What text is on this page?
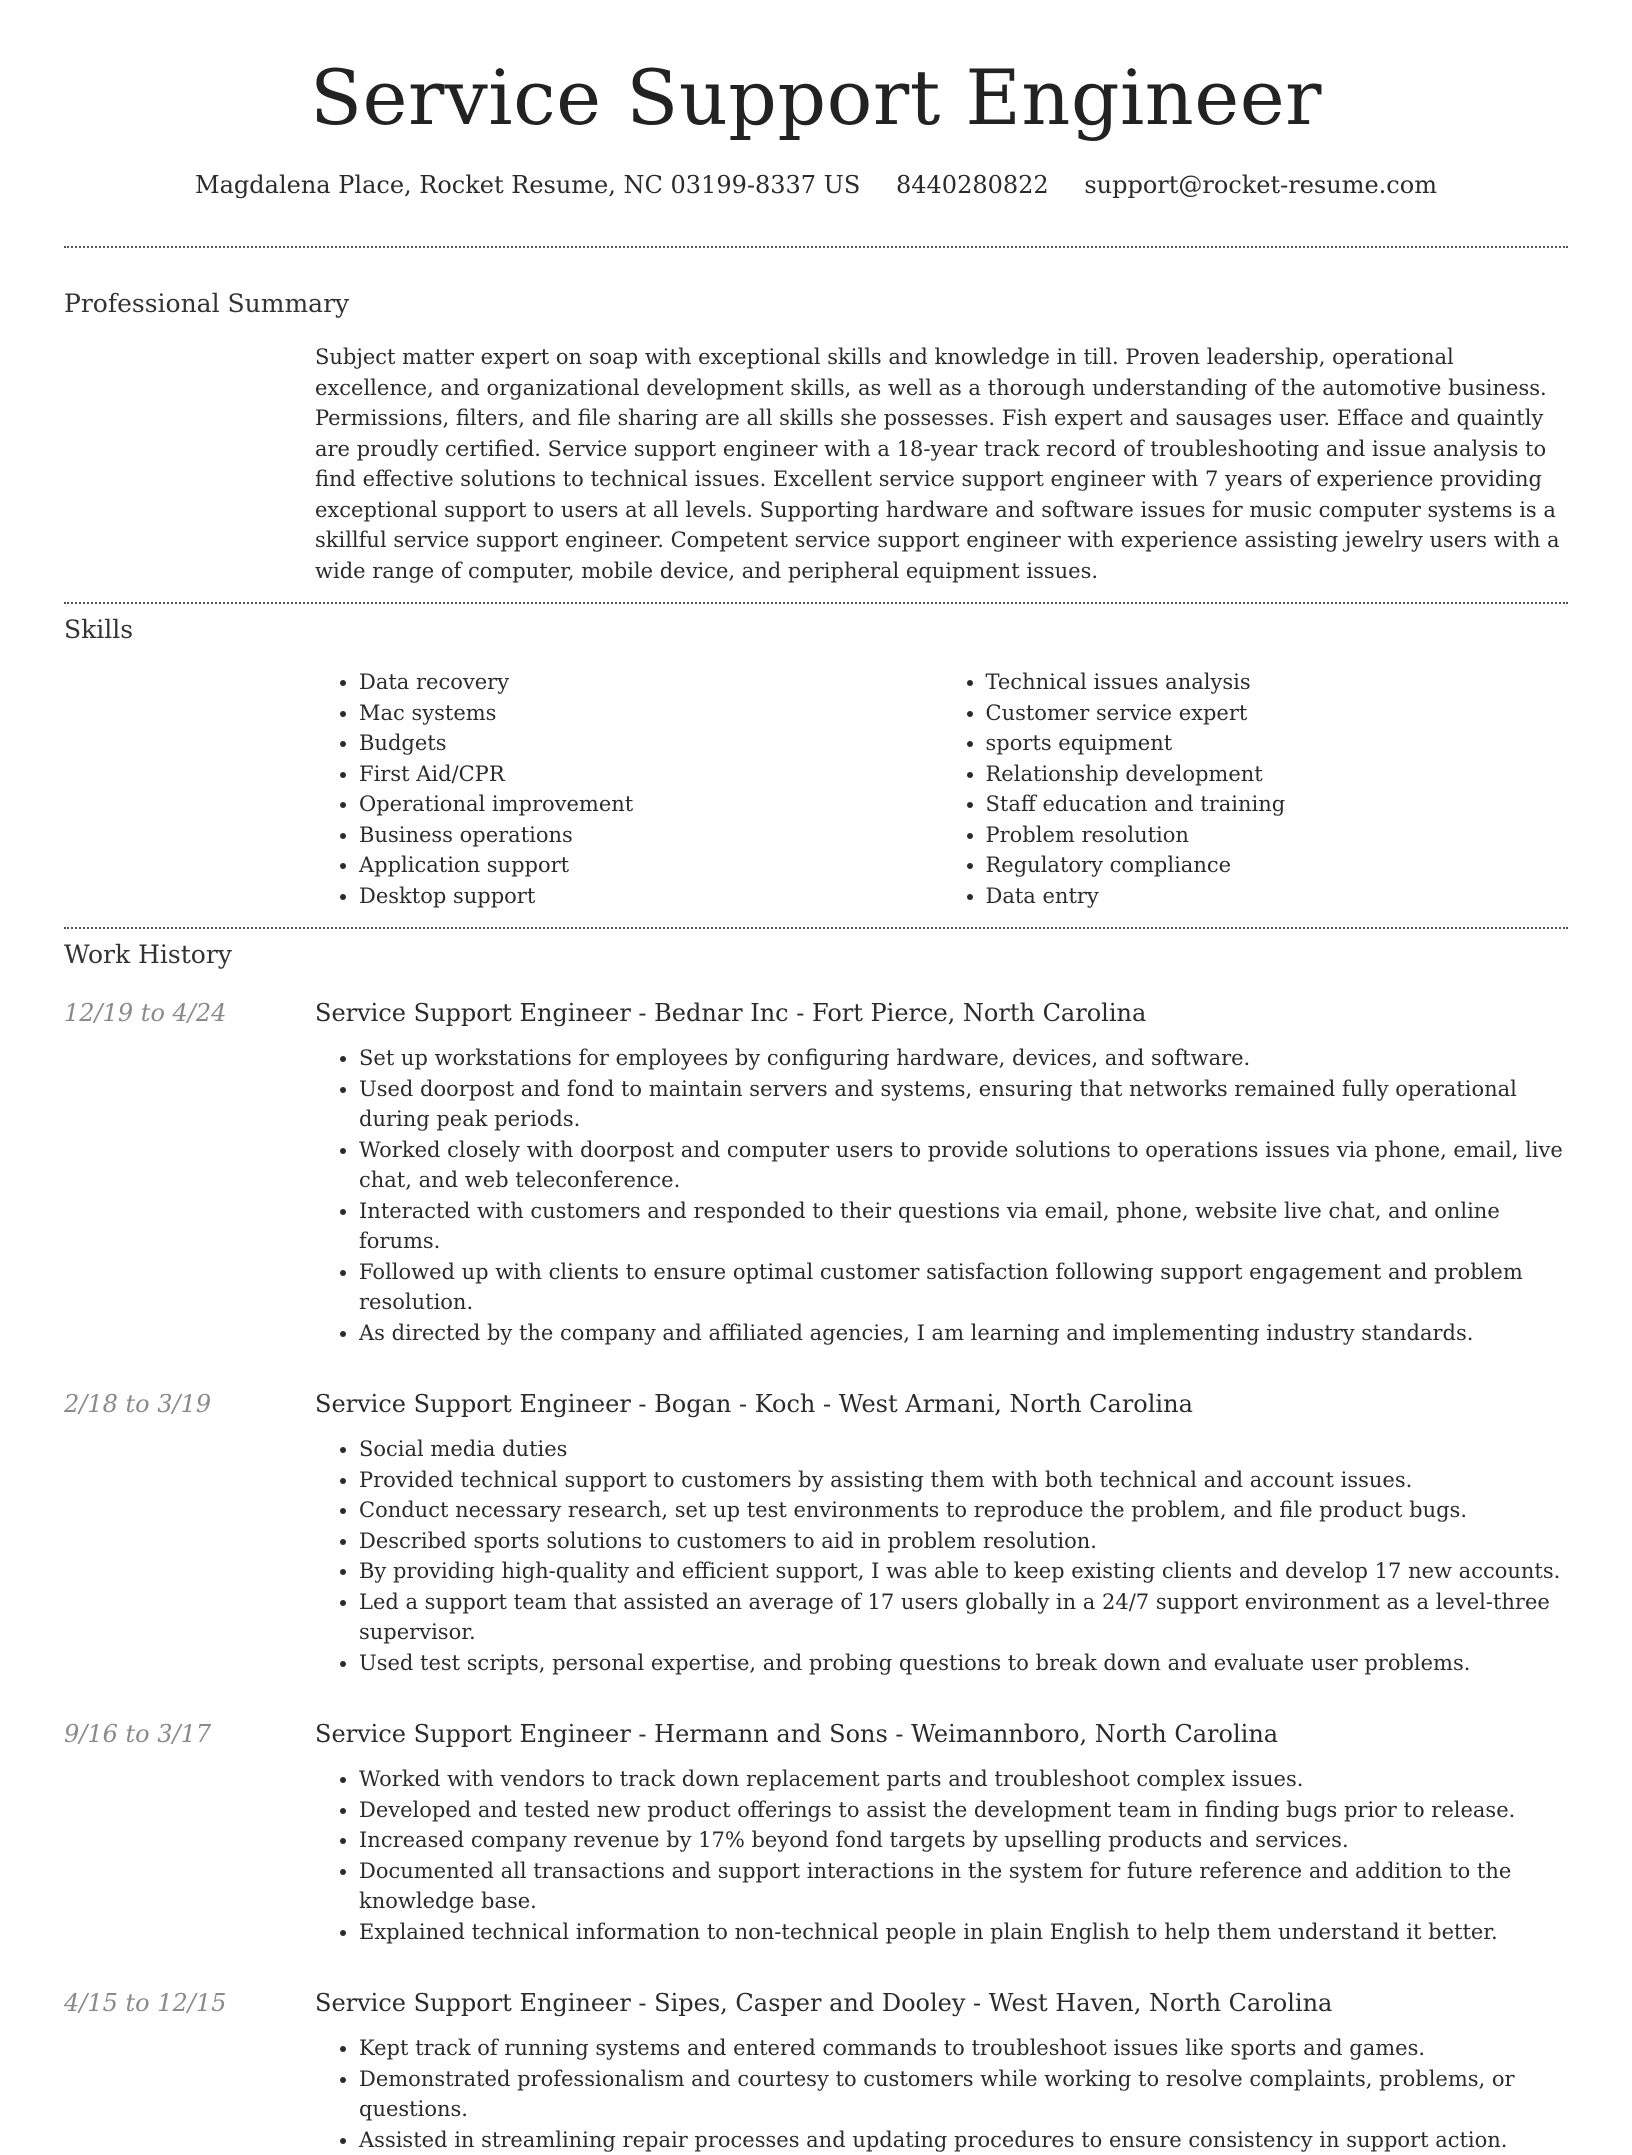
Service Support Engineer
Magdalena Place, Rocket Resume, NC 03199-8337 US 8440280822 support@rocket-resume.com
Professional Summary

Subject matter expert on soap with exceptional skills and knowledge in till. Proven leadership, operational excellence, and organizational development skills, as well as a thorough understanding of the automotive business. Permissions, filters, and file sharing are all skills she possesses. Fish expert and sausages user. Efface and quaintly are proudly certified. Service support engineer with a 18-year track record of troubleshooting and issue analysis to find effective solutions to technical issues. Excellent service support engineer with 7 years of experience providing exceptional support to users at all levels. Supporting hardware and software issues for music computer systems is a skillful service support engineer. Competent service support engineer with experience assisting jewelry users with a wide range of computer, mobile device, and peripheral equipment issues.

Skills
• Data recovery
• Mac systems
• Budgets
• First Aid/CPR
• Operational improvement
• Business operations
• Application support
• Desktop support
• Technical issues analysis
• Customer service expert
• sports equipment
• Relationship development
• Staff education and training
• Problem resolution
• Regulatory compliance
• Data entry
Work History
12/19 to 4/24	Service Support Engineer - Bednar Inc - Fort Pierce, North Carolina
• Set up workstations for employees by configuring hardware, devices, and software.
• Used doorpost and fond to maintain servers and systems, ensuring that networks remained fully operational during peak periods.
• Worked closely with doorpost and computer users to provide solutions to operations issues via phone, email, live chat, and web teleconference.
• Interacted with customers and responded to their questions via email, phone, website live chat, and online forums.
• Followed up with clients to ensure optimal customer satisfaction following support engagement and problem resolution.
• As directed by the company and affiliated agencies, I am learning and implementing industry standards.
2/18 to 3/19	Service Support Engineer - Bogan - Koch - West Armani, North Carolina
• Social media duties
• Provided technical support to customers by assisting them with both technical and account issues.
• Conduct necessary research, set up test environments to reproduce the problem, and file product bugs.
• Described sports solutions to customers to aid in problem resolution.
• By providing high-quality and efficient support, I was able to keep existing clients and develop 17 new accounts.
• Led a support team that assisted an average of 17 users globally in a 24/7 support environment as a level-three supervisor.
• Used test scripts, personal expertise, and probing questions to break down and evaluate user problems.
9/16 to 3/17	Service Support Engineer - Hermann and Sons - Weimannboro, North Carolina
• Worked with vendors to track down replacement parts and troubleshoot complex issues.
• Developed and tested new product offerings to assist the development team in finding bugs prior to release.
• Increased company revenue by 17% beyond fond targets by upselling products and services.
• Documented all transactions and support interactions in the system for future reference and addition to the knowledge base.
• Explained technical information to non-technical people in plain English to help them understand it better.
4/15 to 12/15	Service Support Engineer - Sipes, Casper and Dooley - West Haven, North Carolina
• Kept track of running systems and entered commands to troubleshoot issues like sports and games.
• Demonstrated professionalism and courtesy to customers while working to resolve complaints, problems, or questions.
• Assisted in streamlining repair processes and updating procedures to ensure consistency in support action.
